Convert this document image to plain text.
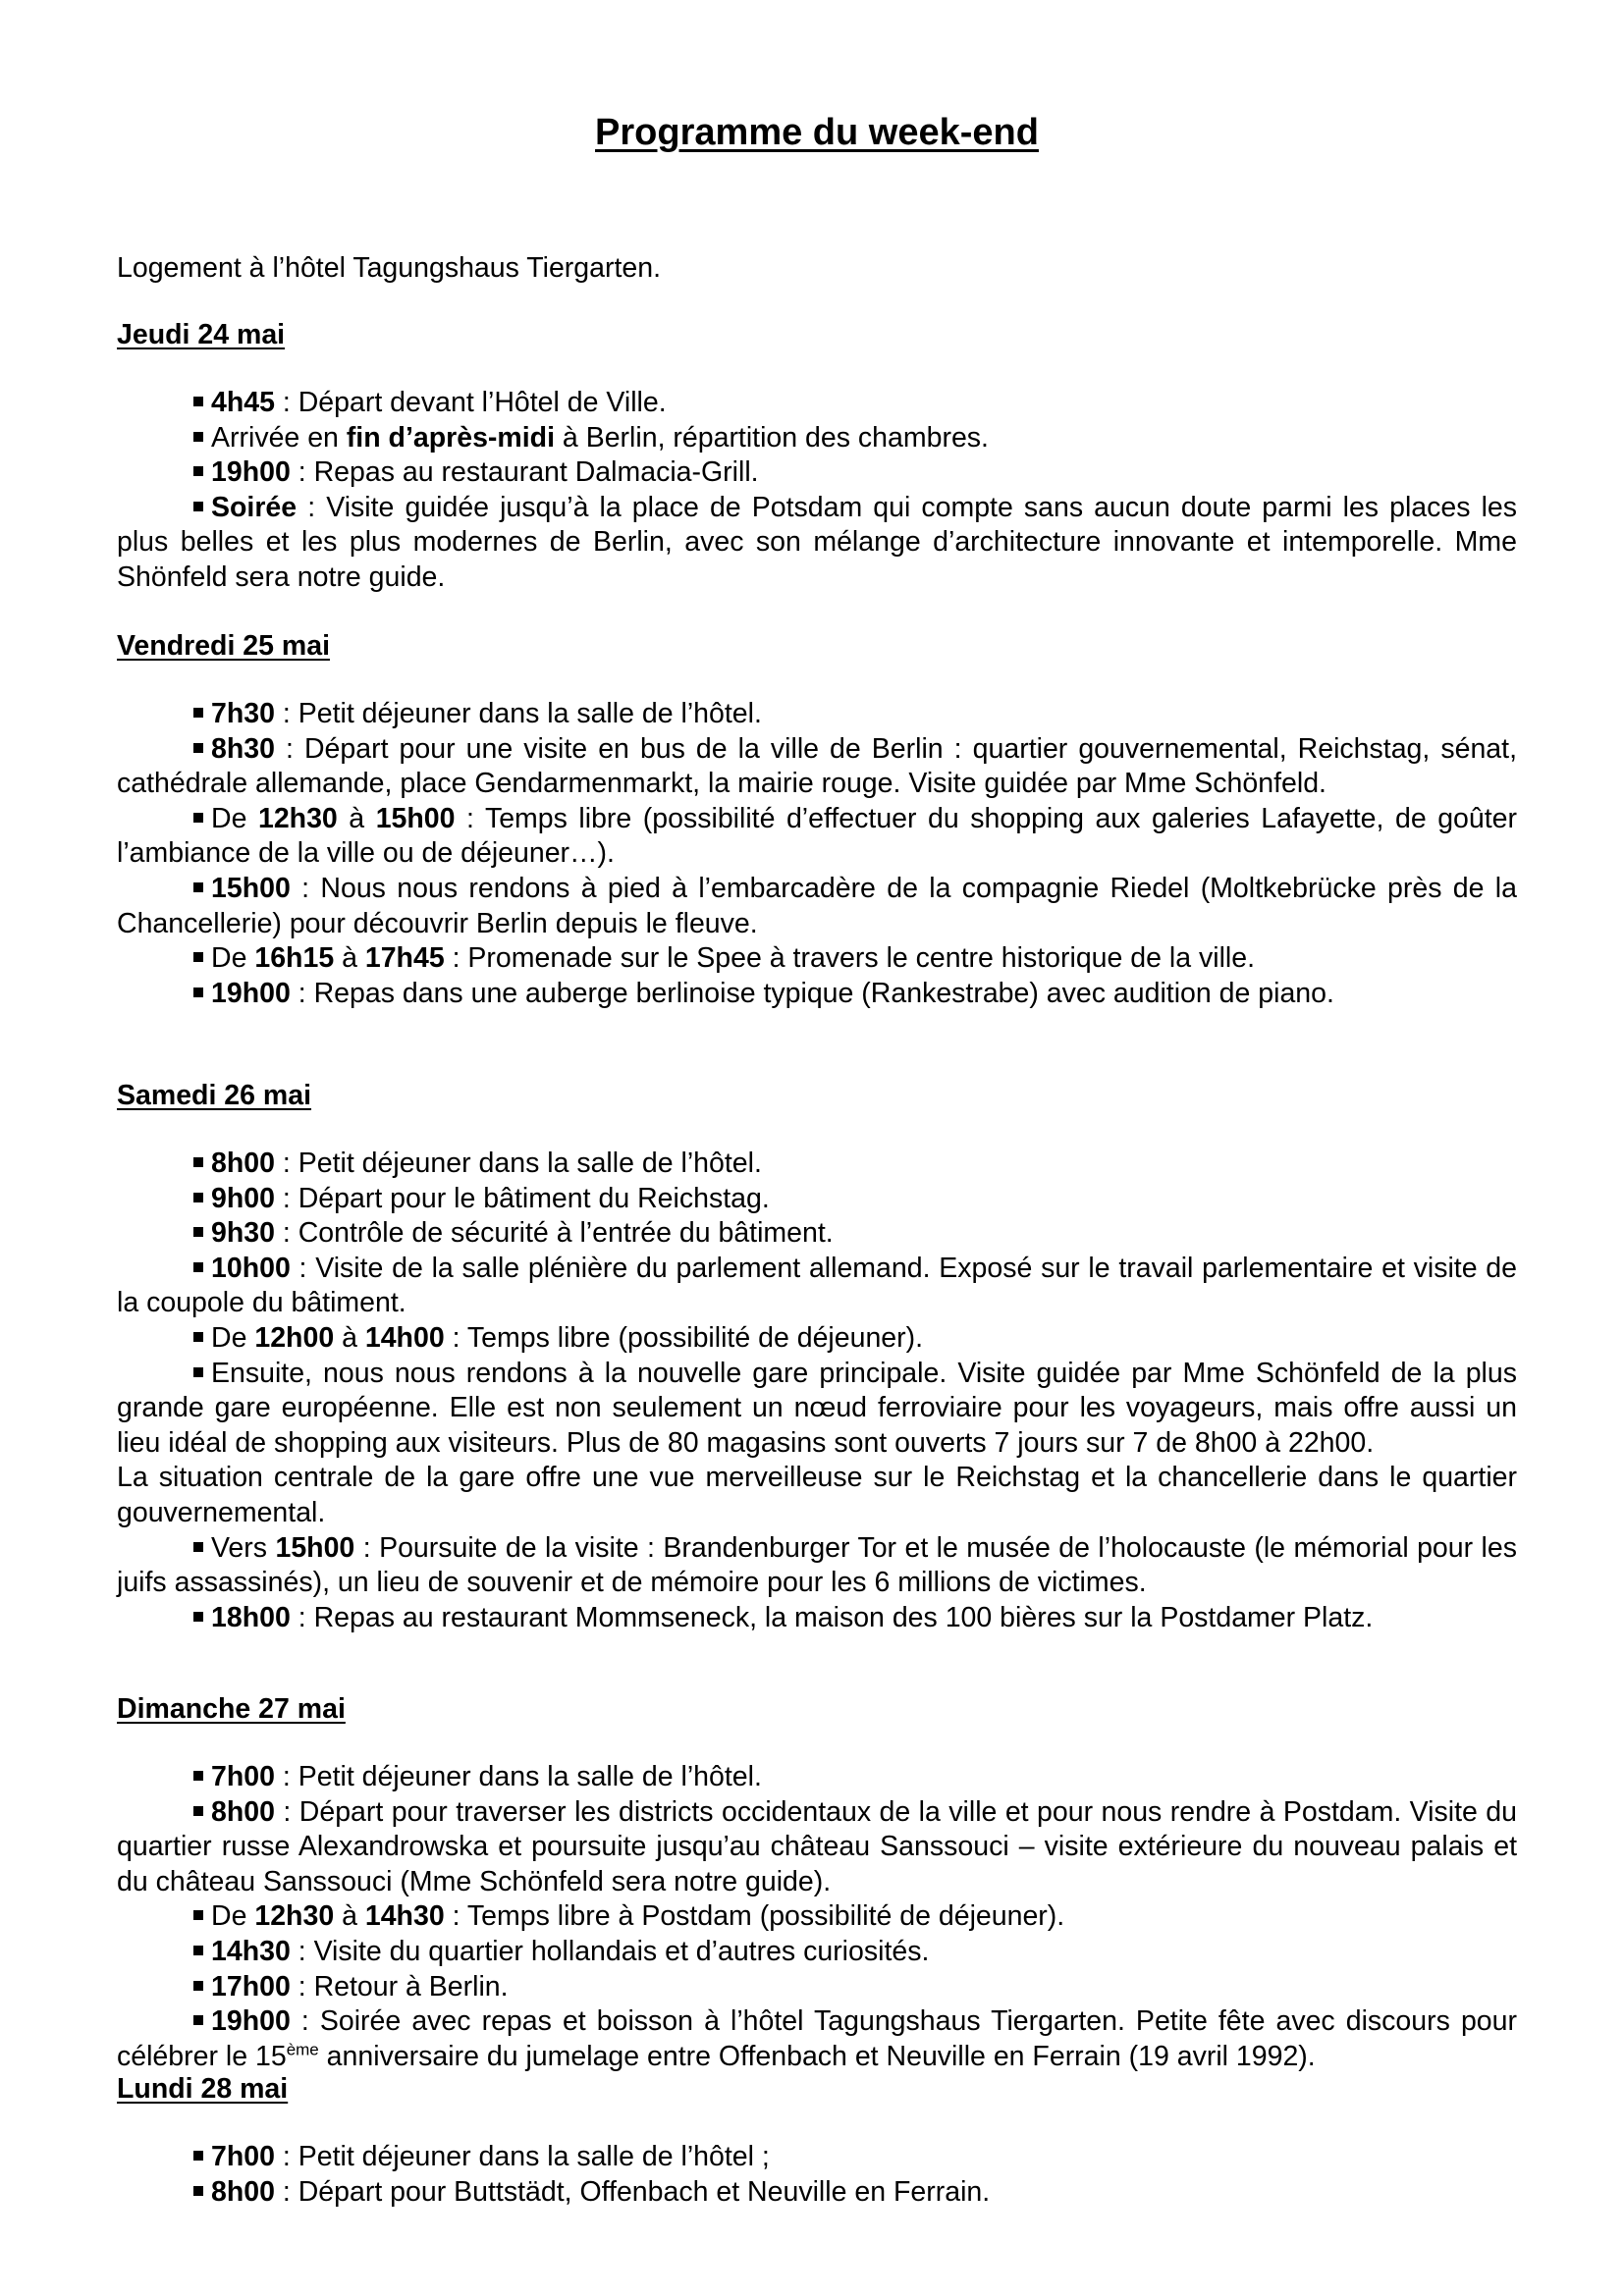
Programme du week-end

Logement à l’hôtel Tagungshaus Tiergarten.

Jeudi 24 mai

4h45 : Départ devant l’Hôtel de Ville.

Arrivée en fin d’après-midi à Berlin, répartition des chambres.

19h00 : Repas au restaurant Dalmacia-Grill.

Soirée : Visite guidée jusqu’à la place de Potsdam qui compte sans aucun doute parmi les places les plus belles et les plus modernes de Berlin, avec son mélange d’architecture innovante et intemporelle. Mme Shönfeld sera notre guide.

Vendredi 25 mai

7h30 : Petit déjeuner dans la salle de l’hôtel.

8h30 : Départ pour une visite en bus de la ville de Berlin : quartier gouvernemental, Reichstag, sénat, cathédrale allemande, place Gendarmenmarkt, la mairie rouge. Visite guidée par Mme Schönfeld.

De 12h30 à 15h00 : Temps libre (possibilité d’effectuer du shopping aux galeries Lafayette, de goûter l’ambiance de la ville ou de déjeuner…).

15h00 : Nous nous rendons à pied à l’embarcadère de la compagnie Riedel (Moltkebrücke près de la Chancellerie) pour découvrir Berlin depuis le fleuve.

De 16h15 à 17h45 : Promenade sur le Spee à travers le centre historique de la ville.

19h00 : Repas dans une auberge berlinoise typique (Rankestrabe) avec audition de piano.

Samedi 26 mai

8h00 : Petit déjeuner dans la salle de l’hôtel.

9h00 : Départ pour le bâtiment du Reichstag.

9h30 : Contrôle de sécurité à l’entrée du bâtiment.

10h00 : Visite de la salle plénière du parlement allemand. Exposé sur le travail parlementaire et visite de la coupole du bâtiment.

De 12h00 à 14h00 : Temps libre (possibilité de déjeuner).

Ensuite, nous nous rendons à la nouvelle gare principale. Visite guidée par Mme Schönfeld de la plus grande gare européenne. Elle est non seulement un nœud ferroviaire pour les voyageurs, mais offre aussi un lieu idéal de shopping aux visiteurs. Plus de 80 magasins sont ouverts 7 jours sur 7 de 8h00 à 22h00.

La situation centrale de la gare offre une vue merveilleuse sur le Reichstag et la chancellerie dans le quartier gouvernemental.

Vers 15h00 : Poursuite de la visite : Brandenburger Tor et le musée de l’holocauste (le mémorial pour les juifs assassinés), un lieu de souvenir et de mémoire pour les 6 millions de victimes.

18h00 : Repas au restaurant Mommseneck, la maison des 100 bières sur la Postdamer Platz.

Dimanche 27 mai

7h00 : Petit déjeuner dans la salle de l’hôtel.

8h00 : Départ pour traverser les districts occidentaux de la ville et pour nous rendre à Postdam. Visite du quartier russe Alexandrowska et poursuite jusqu’au château Sanssouci – visite extérieure du nouveau palais et du château Sanssouci (Mme Schönfeld sera notre guide).

De 12h30 à 14h30 : Temps libre à Postdam (possibilité de déjeuner).

14h30 : Visite du quartier hollandais et d’autres curiosités.

17h00 : Retour à Berlin.

19h00 : Soirée avec repas et boisson à l’hôtel Tagungshaus Tiergarten. Petite fête avec discours pour célébrer le 15ème anniversaire du jumelage entre Offenbach et Neuville en Ferrain (19 avril 1992).

Lundi 28 mai

7h00 : Petit déjeuner dans la salle de l’hôtel ;

8h00 : Départ pour Buttstädt, Offenbach et Neuville en Ferrain.
